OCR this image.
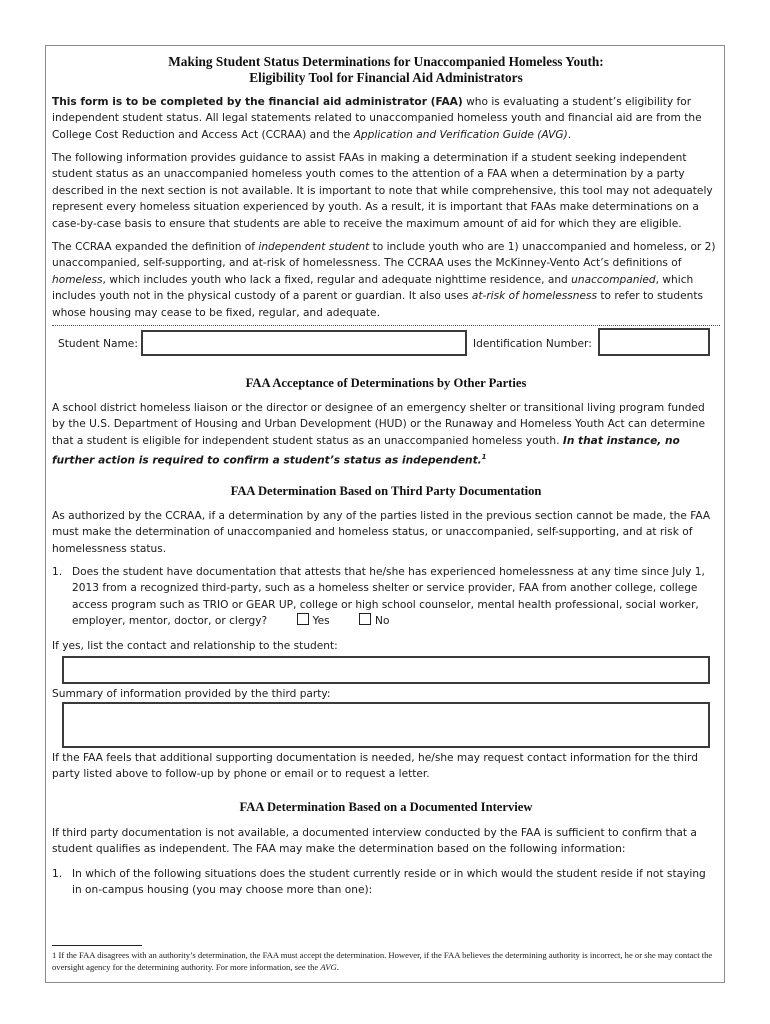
Making Student Status Determinations for Unaccompanied Homeless Youth:
Eligibility Tool for Financial Aid Administrators
This form is to be completed by the financial aid administrator (FAA) who is evaluating a student’s eligibility for independent student status. All legal statements related to unaccompanied homeless youth and financial aid are from the College Cost Reduction and Access Act (CCRAA) and the Application and Verification Guide (AVG).
The following information provides guidance to assist FAAs in making a determination if a student seeking independent student status as an unaccompanied homeless youth comes to the attention of a FAA when a determination by a party described in the next section is not available. It is important to note that while comprehensive, this tool may not adequately represent every homeless situation experienced by youth. As a result, it is important that FAAs make determinations on a case-by-case basis to ensure that students are able to receive the maximum amount of aid for which they are eligible.
The CCRAA expanded the definition of independent student to include youth who are 1) unaccompanied and homeless, or 2) unaccompanied, self-supporting, and at-risk of homelessness. The CCRAA uses the McKinney-Vento Act’s definitions of homeless, which includes youth who lack a fixed, regular and adequate nighttime residence, and unaccompanied, which includes youth not in the physical custody of a parent or guardian. It also uses at-risk of homelessness to refer to students whose housing may cease to be fixed, regular, and adequate.
Student Name:	Identification Number:
FAA Acceptance of Determinations by Other Parties
A school district homeless liaison or the director or designee of an emergency shelter or transitional living program funded by the U.S. Department of Housing and Urban Development (HUD) or the Runaway and Homeless Youth Act can determine that a student is eligible for independent student status as an unaccompanied homeless youth. In that instance, no further action is required to confirm a student’s status as independent.$^1$
FAA Determination Based on Third Party Documentation
As authorized by the CCRAA, if a determination by any of the parties listed in the previous section cannot be made, the FAA must make the determination of unaccompanied and homeless status, or unaccompanied, self-supporting, and at risk of homelessness status.
1. Does the student have documentation that attests that he/she has experienced homelessness at any time since July 1, 2013 from a recognized third-party, such as a homeless shelter or service provider, FAA from another college, college access program such as TRIO or GEAR UP, college or high school counselor, mental health professional, social worker, employer, mentor, doctor, or clergy?	Yes	No
If yes, list the contact and relationship to the student:
Summary of information provided by the third party:
If the FAA feels that additional supporting documentation is needed, he/she may request contact information for the third party listed above to follow-up by phone or email or to request a letter.
FAA Determination Based on a Documented Interview
If third party documentation is not available, a documented interview conducted by the FAA is sufficient to confirm that a student qualifies as independent. The FAA may make the determination based on the following information:
1. In which of the following situations does the student currently reside or in which would the student reside if not staying in on-campus housing (you may choose more than one):
1 If the FAA disagrees with an authority’s determination, the FAA must accept the determination. However, if the FAA believes the determining authority is incorrect, he or she may contact the oversight agency for the determining authority. For more information, see the AVG.
